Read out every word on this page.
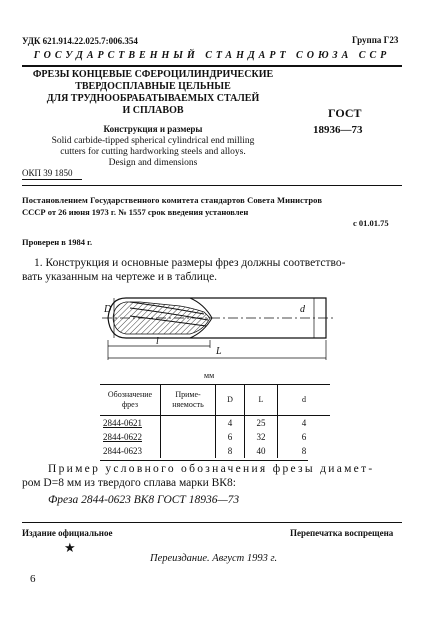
УДК 621.914.22.025.7:006.354	Группа Г23
ГОСУДАРСТВЕННЫЙ СТАНДАРТ СОЮЗА ССР
ФРЕЗЫ КОНЦЕВЫЕ СФЕРОЦИЛИНДРИЧЕСКИЕ
ТВЕРДОСПЛАВНЫЕ ЦЕЛЬНЫЕ
ДЛЯ ТРУДНООБРАБАТЫВАЕМЫХ СТАЛЕЙ
И СПЛАВОВ
Конструкция и размеры
Solid carbide-tipped spherical cylindrical end milling
cutters for cutting hardworking steels and alloys.
Design and dimensions
ГОСТ
18936—73
ОКП 39 1850
Постановлением Государственного комитета стандартов Совета Министров
СССР от 26 июня 1973 г. № 1557 срок введения установлен
с 01.01.75
Проверен в 1984 г.
1. Конструкция и основные размеры фрез должны соответство-
вать указанным на чертеже и в таблице.
D	d
l
L
мм
Обозначение фрез	Приме- няемость	D	L	d
2844-0621		4	25	4
2844-0622		6	32	6
2844-0623		8	40	8
Пример условного обозначения фрезы диамет-
ром D=8 мм из твердого сплава марки ВК8:
Фреза 2844-0623 ВК8 ГОСТ 18936—73
Издание официальное	Перепечатка воспрещена
★
Переиздание. Август 1993 г.
6
